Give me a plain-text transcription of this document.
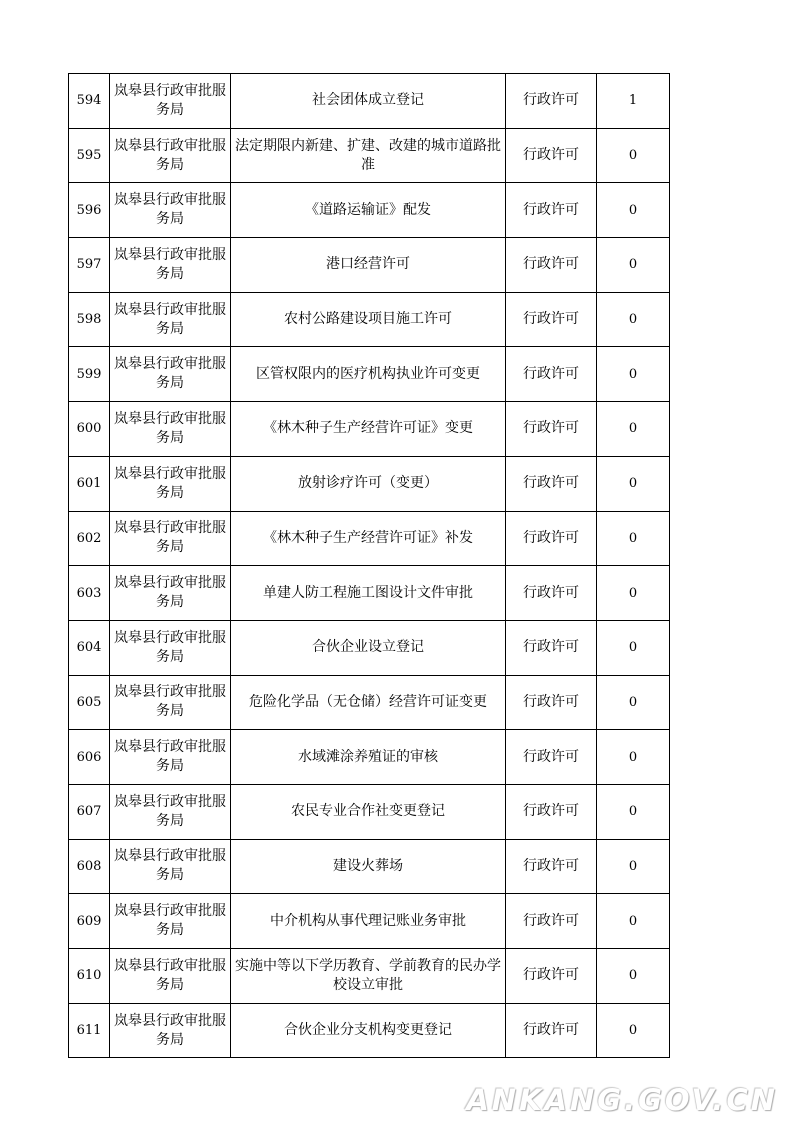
594	岚皋县行政审批服务局	社会团体成立登记	行政许可	1
595	岚皋县行政审批服务局	法定期限内新建、扩建、改建的城市道路批准	行政许可	0
596	岚皋县行政审批服务局	《道路运输证》配发	行政许可	0
597	岚皋县行政审批服务局	港口经营许可	行政许可	0
598	岚皋县行政审批服务局	农村公路建设项目施工许可	行政许可	0
599	岚皋县行政审批服务局	区管权限内的医疗机构执业许可变更	行政许可	0
600	岚皋县行政审批服务局	《林木种子生产经营许可证》变更	行政许可	0
601	岚皋县行政审批服务局	放射诊疗许可（变更）	行政许可	0
602	岚皋县行政审批服务局	《林木种子生产经营许可证》补发	行政许可	0
603	岚皋县行政审批服务局	单建人防工程施工图设计文件审批	行政许可	0
604	岚皋县行政审批服务局	合伙企业设立登记	行政许可	0
605	岚皋县行政审批服务局	危险化学品（无仓储）经营许可证变更	行政许可	0
606	岚皋县行政审批服务局	水域滩涂养殖证的审核	行政许可	0
607	岚皋县行政审批服务局	农民专业合作社变更登记	行政许可	0
608	岚皋县行政审批服务局	建设火葬场	行政许可	0
609	岚皋县行政审批服务局	中介机构从事代理记账业务审批	行政许可	0
610	岚皋县行政审批服务局	实施中等以下学历教育、学前教育的民办学校设立审批	行政许可	0
611	岚皋县行政审批服务局	合伙企业分支机构变更登记	行政许可	0
ANKANG.GOV.CN
